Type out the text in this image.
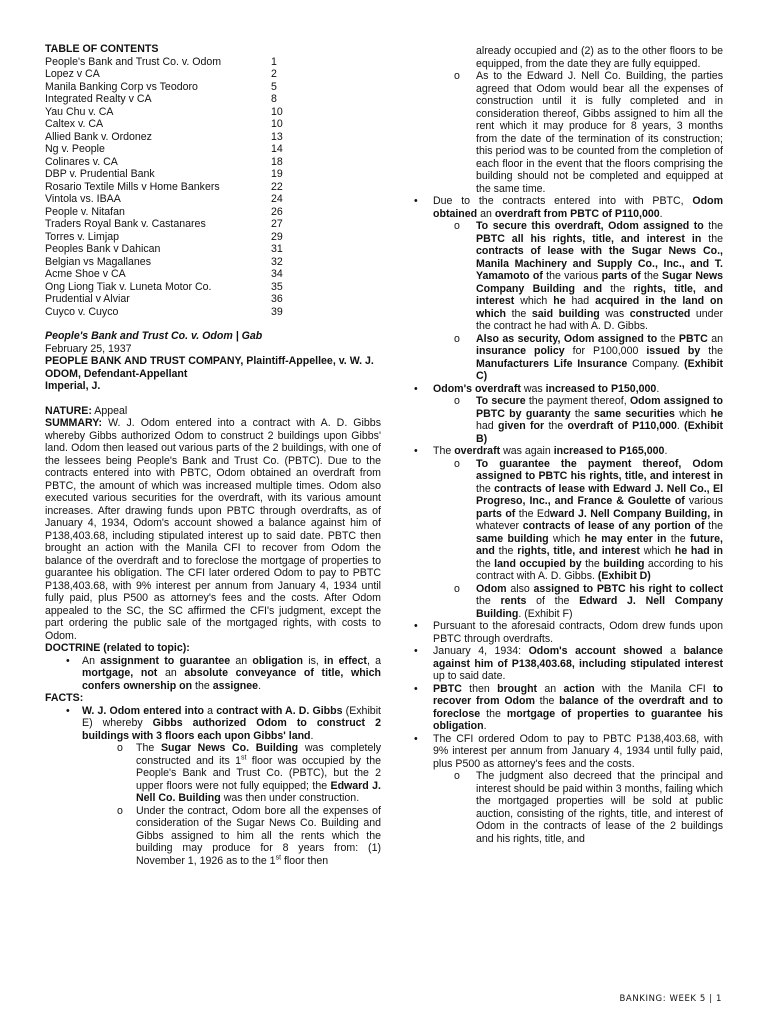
TABLE OF CONTENTS

People's Bank and Trust Co. v. Odom	1
Lopez v CA	2
Manila Banking Corp vs Teodoro	5
Integrated Realty v CA	8
Yau Chu v. CA	10
Caltex v. CA	10
Allied Bank v. Ordonez	13
Ng v. People	14
Colinares v. CA	18
DBP v. Prudential Bank	19
Rosario Textile Mills v Home Bankers	22
Vintola vs. IBAA	24
People v. Nitafan	26
Traders Royal Bank v. Castanares	27
Torres v. Limjap	29
Peoples Bank v Dahican	31
Belgian vs Magallanes	32
Acme Shoe v CA	34
Ong Liong Tiak v. Luneta Motor Co.	35
Prudential v Alviar	36
Cuyco v. Cuyco	39

People's Bank and Trust Co. v. Odom | Gab

February 25, 1937

PEOPLE BANK AND TRUST COMPANY, Plaintiff-Appellee, v. W. J. ODOM, Defendant-Appellant

Imperial, J.

NATURE: Appeal

SUMMARY: W. J. Odom entered into a contract with A. D. Gibbs whereby Gibbs authorized Odom to construct 2 buildings upon Gibbs' land. Odom then leased out various parts of the 2 buildings, with one of the lessees being People's Bank and Trust Co. (PBTC). Due to the contracts entered into with PBTC, Odom obtained an overdraft from PBTC, the amount of which was increased multiple times. Odom also executed various securities for the overdraft, with its various amount increases. After drawing funds upon PBTC through overdrafts, as of January 4, 1934, Odom's account showed a balance against him of P138,403.68, including stipulated interest up to said date. PBTC then brought an action with the Manila CFI to recover from Odom the balance of the overdraft and to foreclose the mortgage of properties to guarantee his obligation. The CFI later ordered Odom to pay to PBTC P138,403.68, with 9% interest per annum from January 4, 1934 until fully paid, plus P500 as attorney's fees and the costs. After Odom appealed to the SC, the SC affirmed the CFI's judgment, except the part ordering the public sale of the mortgaged rights, with costs to Odom.

DOCTRINE (related to topic):

• An assignment to guarantee an obligation is, in effect, a mortgage, not an absolute conveyance of title, which confers ownership on the assignee.

FACTS:

• W. J. Odom entered into a contract with A. D. Gibbs (Exhibit E) whereby Gibbs authorized Odom to construct 2 buildings with 3 floors each upon Gibbs' land.

o The Sugar News Co. Building was completely constructed and its 1st floor was occupied by the People's Bank and Trust Co. (PBTC), but the 2 upper floors were not fully equipped; the Edward J. Nell Co. Building was then under construction.

o Under the contract, Odom bore all the expenses of consideration of the Sugar News Co. Building and Gibbs assigned to him all the rents which the building may produce for 8 years from: (1) November 1, 1926 as to the 1st floor then

already occupied and (2) as to the other floors to be equipped, from the date they are fully equipped.

o As to the Edward J. Nell Co. Building, the parties agreed that Odom would bear all the expenses of construction until it is fully completed and in consideration thereof, Gibbs assigned to him all the rent which it may produce for 8 years, 3 months from the date of the termination of its construction; this period was to be counted from the completion of each floor in the event that the floors comprising the building should not be completed and equipped at the same time.

• Due to the contracts entered into with PBTC, Odom obtained an overdraft from PBTC of P110,000.

o To secure this overdraft, Odom assigned to the PBTC all his rights, title, and interest in the contracts of lease with the Sugar News Co., Manila Machinery and Supply Co., Inc., and T. Yamamoto of the various parts of the Sugar News Company Building and the rights, title, and interest which he had acquired in the land on which the said building was constructed under the contract he had with A. D. Gibbs.

o Also as security, Odom assigned to the PBTC an insurance policy for P100,000 issued by the Manufacturers Life Insurance Company. (Exhibit C)

• Odom's overdraft was increased to P150,000.

o To secure the payment thereof, Odom assigned to PBTC by guaranty the same securities which he had given for the overdraft of P110,000. (Exhibit B)

• The overdraft was again increased to P165,000.

o To guarantee the payment thereof, Odom assigned to PBTC his rights, title, and interest in the contracts of lease with Edward J. Nell Co., El Progreso, Inc., and France & Goulette of various parts of the Edward J. Nell Company Building, in whatever contracts of lease of any portion of the same building which he may enter in the future, and the rights, title, and interest which he had in the land occupied by the building according to his contract with A. D. Gibbs. (Exhibit D)

o Odom also assigned to PBTC his right to collect the rents of the Edward J. Nell Company Building. (Exhibit F)

• Pursuant to the aforesaid contracts, Odom drew funds upon PBTC through overdrafts.

• January 4, 1934: Odom's account showed a balance against him of P138,403.68, including stipulated interest up to said date.

• PBTC then brought an action with the Manila CFI to recover from Odom the balance of the overdraft and to foreclose the mortgage of properties to guarantee his obligation.

• The CFI ordered Odom to pay to PBTC P138,403.68, with 9% interest per annum from January 4, 1934 until fully paid, plus P500 as attorney's fees and the costs.

o The judgment also decreed that the principal and interest should be paid within 3 months, failing which the mortgaged properties will be sold at public auction, consisting of the rights, title, and interest of Odom in the contracts of lease of the 2 buildings and his rights, title, and

BANKING: WEEK 5 | 1
